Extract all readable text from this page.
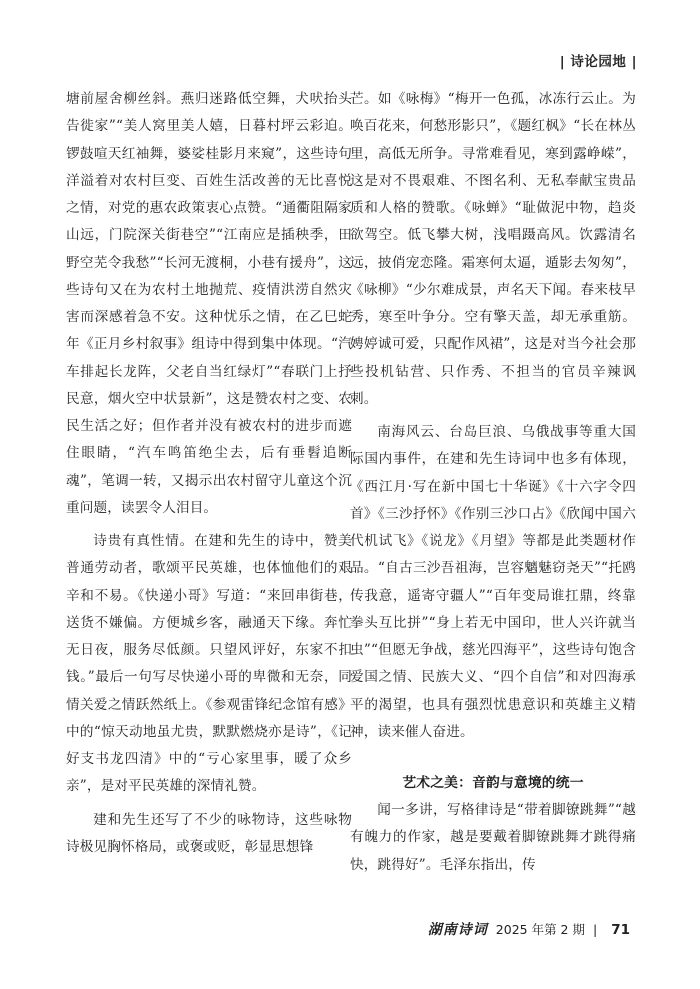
| 诗论园地 |

塘前屋舍柳丝斜。燕归迷路低空舞，犬吠抬头告徙家”“美人窝里美人嬉，日暮村坪云彩迫。锣鼓喧天红袖舞，婆娑桂影月来窥”，这些诗句洋溢着对农村巨变、百姓生活改善的无比喜悦之情，对党的惠农政策衷心点赞。“通衢阻隔家山远，门院深关街巷空”“江南应是插秧季，田野空芜令我愁”“长河无渡桐，小巷有援舟”，这些诗句又在为农村土地抛荒、疫情洪涝自然灾害而深感着急不安。这种忧乐之情，在乙巳蛇年《正月乡村叙事》组诗中得到集中体现。“汽车排起长龙阵，父老自当红绿灯”“春联门上抒民意，烟火空中状景新”，这是赞农村之变、农民生活之好；但作者并没有被农村的进步而遮住眼睛，“汽车鸣笛绝尘去，后有垂髫追断魂”，笔调一转，又揭示出农村留守儿童这个沉重问题，读罢令人泪目。

诗贵有真性情。在建和先生的诗中，赞美普通劳动者，歌颂平民英雄，也体恤他们的艰辛和不易。《快递小哥》写道：“来回串街巷，送货不嫌偏。方便城乡客，融通天下缘。奔忙无日夜，服务尽低颜。只望风评好，东家不扣钱。”最后一句写尽快递小哥的卑微和无奈，同情关爱之情跃然纸上。《参观雷锋纪念馆有感》中的“惊天动地虽尤贵，默默燃烧亦是诗”，《记好支书龙四清》中的“亏心家里事，暖了众乡亲”，是对平民英雄的深情礼赞。

建和先生还写了不少的咏物诗，这些咏物诗极见胸怀格局，或褒或贬，彰显思想锋

芒。如《咏梅》“梅开一色孤，冰冻行云止。为唤百花来，何愁形影只”，《题红枫》“长在林丛里，高低无所争。寻常难看见，寒到露峥嵘”，这是对不畏艰难、不图名利、无私奉献宝贵品质和人格的赞歌。《咏蝉》“耻做泥中物，趋炎欲驾空。低飞攀大树，浅唱蹑高风。饮露清名远，披俏宠恋隆。霜寒何太逼，遁影去匆匆”，《咏柳》“少尔难成景，声名天下闻。春来枝早秀，寒至叶争分。空有擎天盖，却无承重筋。娉婷诚可爱，只配作风裙”，这是对当今社会那些投机钻营、只作秀、不担当的官员辛辣讽刺。

南海风云、台岛巨浪、乌俄战事等重大国际国内事件，在建和先生诗词中也多有体现，《西江月·写在新中国七十华诞》《十六字令四首》《三沙抒怀》《作别三沙口占》《欣闻中国六代机试飞》《说龙》《月望》等都是此类题材作品。“自古三沙吾祖海，岂容魑魅窃尧天”“托鸥传我意，遥寄守疆人”“百年变局谁扛鼎，终靠拳头互比拼”“身上若无中国印，世人兴许就当虫”“但愿无争战，慈光四海平”，这些诗句饱含爱国之情、民族大义、“四个自信”和对四海承平的渴望，也具有强烈忧患意识和英雄主义精神，读来催人奋进。

艺术之美：音韵与意境的统一

闻一多讲，写格律诗是“带着脚镣跳舞”“越有魄力的作家，越是要戴着脚镣跳舞才跳得痛快，跳得好”。毛泽东指出，传

湖南诗词 2025 年第 2 期 | 71
